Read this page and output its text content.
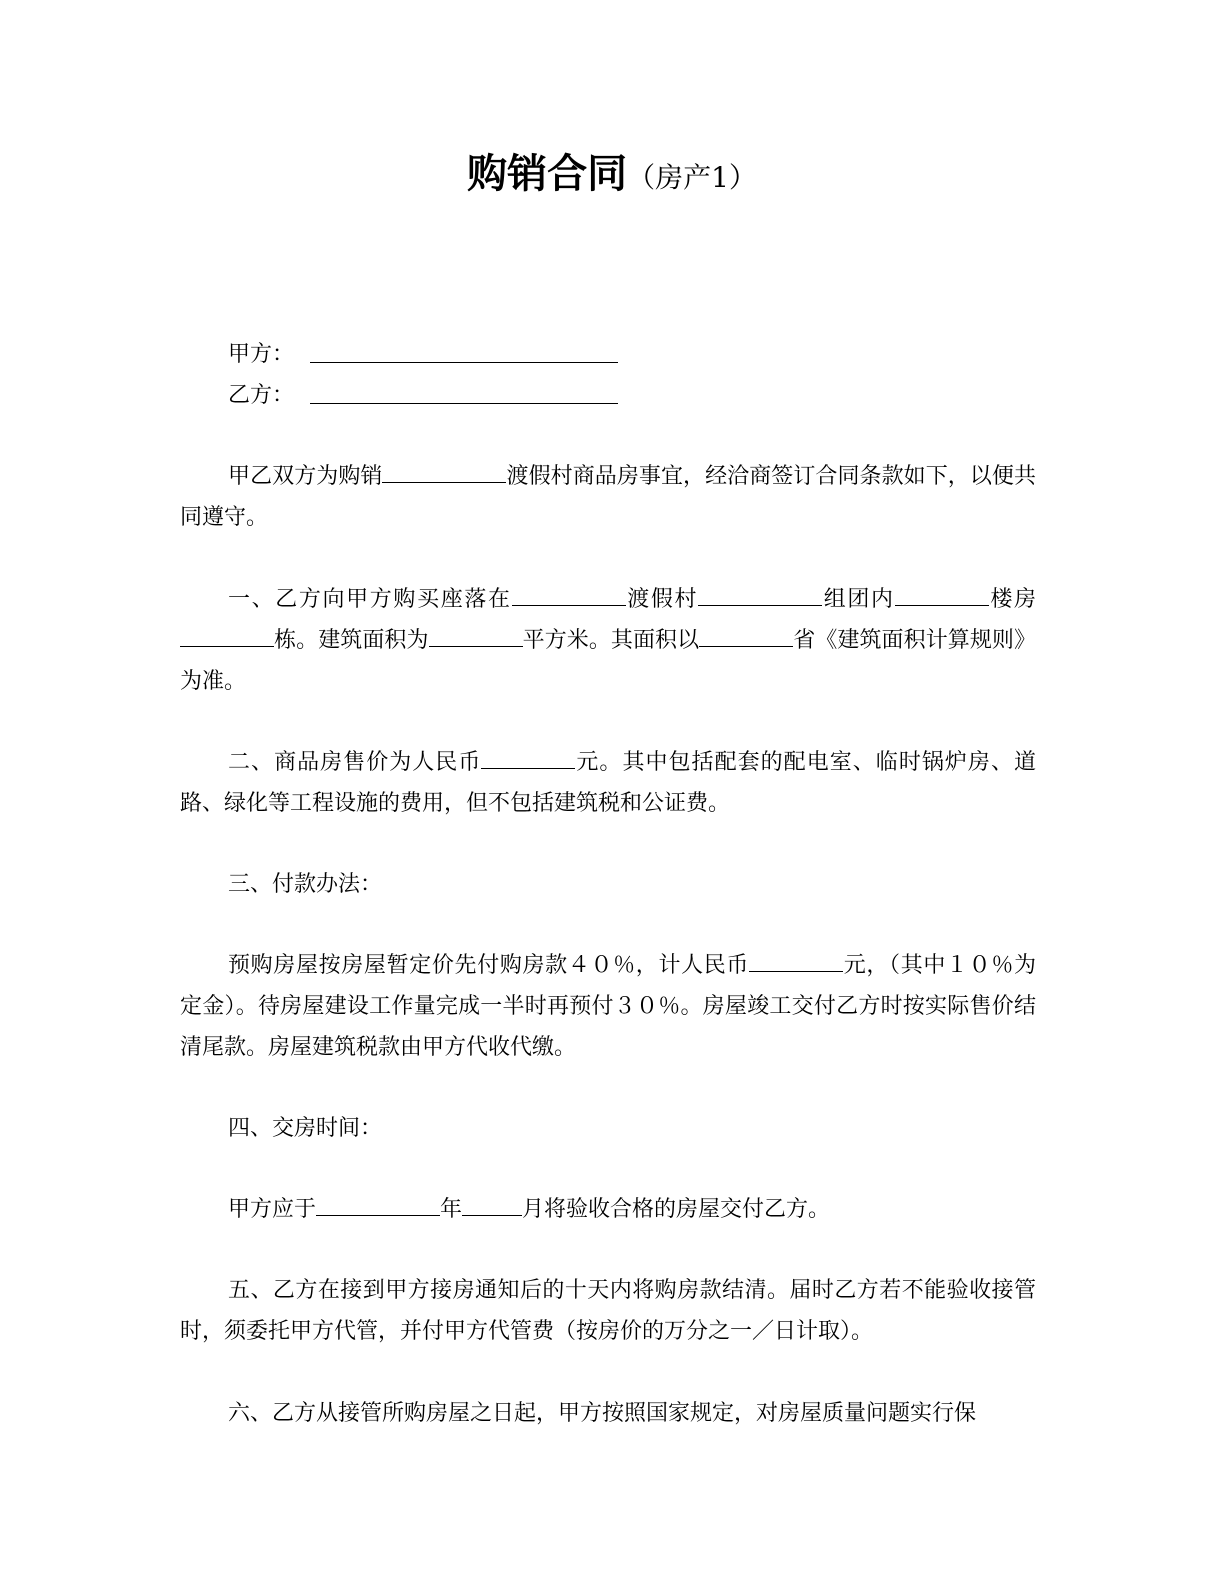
购销合同（房产1）
甲方：
乙方：
甲乙双方为购销	渡假村商品房事宜，经洽商签订合同条款如下，以便共同遵守。
一、乙方向甲方购买座落在	渡假村	组团内	楼房栋。建筑面积为	平方米。其面积以	省《建筑面积计算规则》为准。
二、商品房售价为人民币	元。其中包括配套的配电室、临时锅炉房、道路、绿化等工程设施的费用，但不包括建筑税和公证费。
三、付款办法：
预购房屋按房屋暂定价先付购房款４０％，计人民币	元，（其中１０％为定金）。待房屋建设工作量完成一半时再预付３０％。房屋竣工交付乙方时按实际售价结清尾款。房屋建筑税款由甲方代收代缴。
四、交房时间：
甲方应于	年	月将验收合格的房屋交付乙方。
五、乙方在接到甲方接房通知后的十天内将购房款结清。届时乙方若不能验收接管时，须委托甲方代管，并付甲方代管费（按房价的万分之一／日计取）。
六、乙方从接管所购房屋之日起，甲方按照国家规定，对房屋质量问题实行保
